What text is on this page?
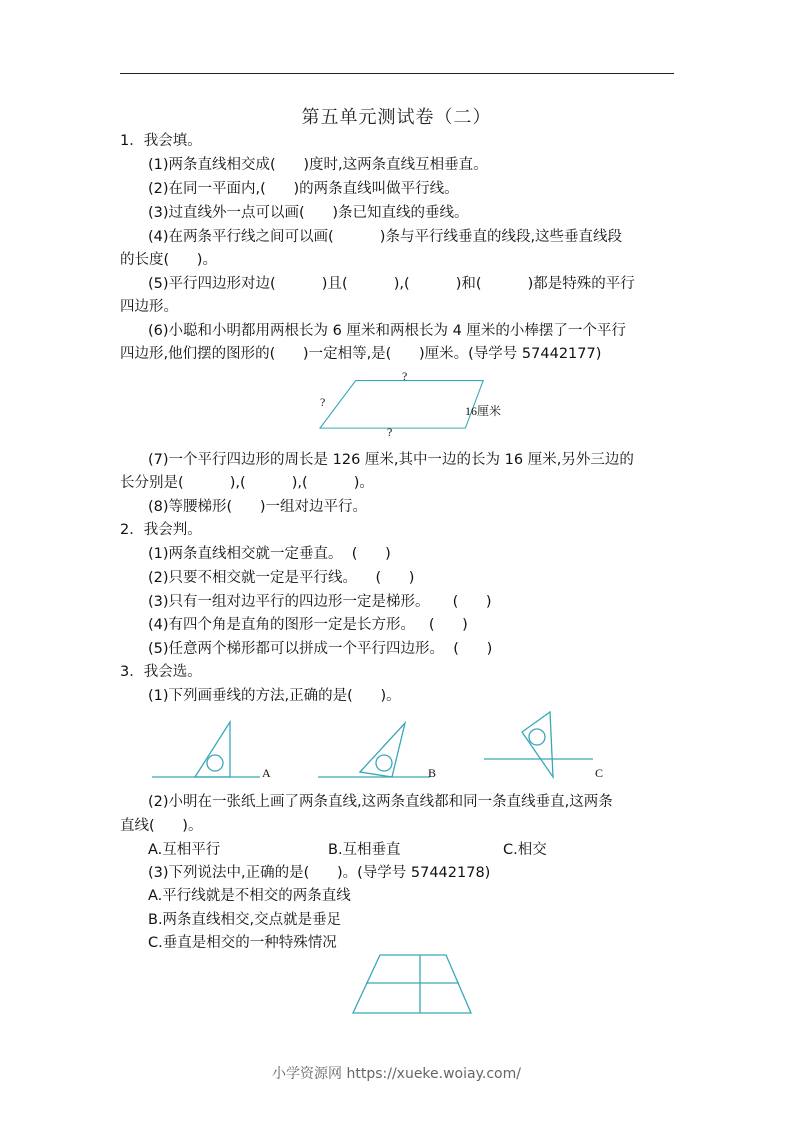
第五单元测试卷（二）
1．我会填。
(1)两条直线相交成(      )度时,这两条直线互相垂直。
(2)在同一平面内,(      )的两条直线叫做平行线。
(3)过直线外一点可以画(      )条已知直线的垂线。
(4)在两条平行线之间可以画(          )条与平行线垂直的线段,这些垂直线段
的长度(      )。
(5)平行四边形对边(          )且(          ),(          )和(          )都是特殊的平行
四边形。
(6)小聪和小明都用两根长为 6 厘米和两根长为 4 厘米的小棒摆了一个平行
四边形,他们摆的图形的(      )一定相等,是(      )厘米。(导学号 57442177)
?
?
?
16厘米
(7)一个平行四边形的周长是 126 厘米,其中一边的长为 16 厘米,另外三边的
长分别是(          ),(          ),(          )。
(8)等腰梯形(      )一组对边平行。
2．我会判。
(1)两条直线相交就一定垂直。  (      )
(2)只要不相交就一定是平行线。    (      )
(3)只有一组对边平行的四边形一定是梯形。     (      )
(4)有四个角是直角的图形一定是长方形。   (      )
(5)任意两个梯形都可以拼成一个平行四边形。  (      )
3．我会选。
(1)下列画垂线的方法,正确的是(      )。
A	B	C
(2)小明在一张纸上画了两条直线,这两条直线都和同一条直线垂直,这两条
直线(      )。
A.互相平行	B.互相垂直	C.相交
(3)下列说法中,正确的是(      )。(导学号 57442178)
A.平行线就是不相交的两条直线
B.两条直线相交,交点就是垂足
C.垂直是相交的一种特殊情况
小学资源网 https://xueke.woiay.com/
